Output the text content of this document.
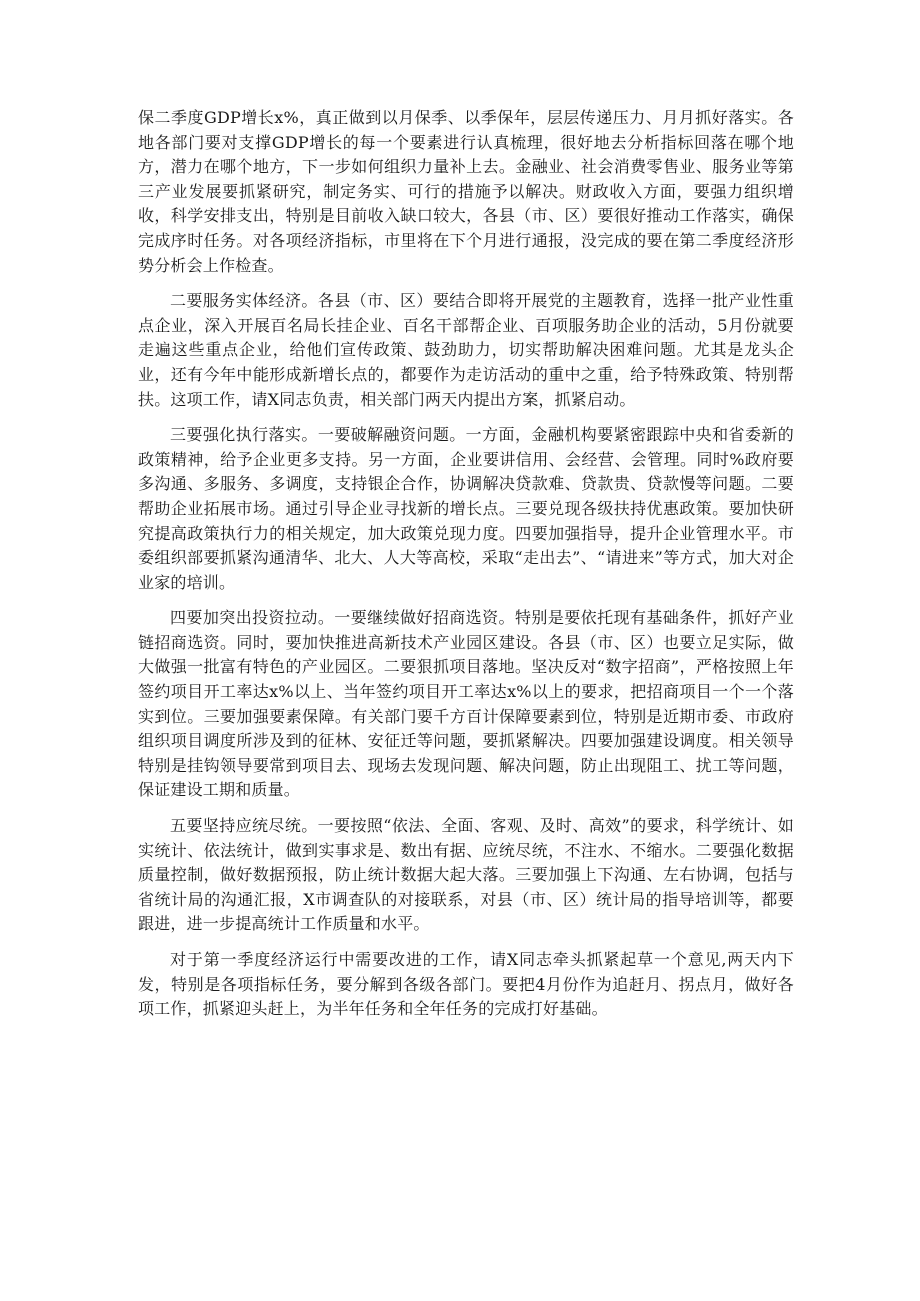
保二季度GDP增长x%，真正做到以月保季、以季保年，层层传递压力、月月抓好落实。各地各部门要对支撑GDP增长的每一个要素进行认真梳理，很好地去分析指标回落在哪个地方，潜力在哪个地方，下一步如何组织力量补上去。金融业、社会消费零售业、服务业等第三产业发展要抓紧研究，制定务实、可行的措施予以解决。财政收入方面，要强力组织增收，科学安排支出，特别是目前收入缺口较大，各县（市、区）要很好推动工作落实，确保完成序时任务。对各项经济指标，市里将在下个月进行通报，没完成的要在第二季度经济形势分析会上作检查。

二要服务实体经济。各县（市、区）要结合即将开展党的主题教育，选择一批产业性重点企业，深入开展百名局长挂企业、百名干部帮企业、百项服务助企业的活动，5月份就要走遍这些重点企业，给他们宣传政策、鼓劲助力，切实帮助解决困难问题。尤其是龙头企业，还有今年中能形成新增长点的，都要作为走访活动的重中之重，给予特殊政策、特别帮扶。这项工作，请X同志负责，相关部门两天内提出方案，抓紧启动。

三要强化执行落实。一要破解融资问题。一方面，金融机构要紧密跟踪中央和省委新的政策精神，给予企业更多支持。另一方面，企业要讲信用、会经营、会管理。同时%政府要多沟通、多服务、多调度，支持银企合作，协调解决贷款难、贷款贵、贷款慢等问题。二要帮助企业拓展市场。通过引导企业寻找新的增长点。三要兑现各级扶持优惠政策。要加快研究提高政策执行力的相关规定，加大政策兑现力度。四要加强指导，提升企业管理水平。市委组织部要抓紧沟通清华、北大、人大等高校，采取“走出去”、“请进来”等方式，加大对企业家的培训。

四要加突出投资拉动。一要继续做好招商选资。特别是要依托现有基础条件，抓好产业链招商选资。同时，要加快推进高新技术产业园区建设。各县（市、区）也要立足实际，做大做强一批富有特色的产业园区。二要狠抓项目落地。坚决反对“数字招商”，严格按照上年签约项目开工率达x%以上、当年签约项目开工率达x%以上的要求，把招商项目一个一个落实到位。三要加强要素保障。有关部门要千方百计保障要素到位，特别是近期市委、市政府组织项目调度所涉及到的征林、安征迁等问题，要抓紧解决。四要加强建设调度。相关领导特别是挂钩领导要常到项目去、现场去发现问题、解决问题，防止出现阻工、扰工等问题，保证建设工期和质量。

五要坚持应统尽统。一要按照“依法、全面、客观、及时、高效”的要求，科学统计、如实统计、依法统计，做到实事求是、数出有据、应统尽统，不注水、不缩水。二要强化数据质量控制，做好数据预报，防止统计数据大起大落。三要加强上下沟通、左右协调，包括与省统计局的沟通汇报，X市调查队的对接联系，对县（市、区）统计局的指导培训等，都要跟进，进一步提高统计工作质量和水平。

对于第一季度经济运行中需要改进的工作，请X同志牵头抓紧起草一个意见,两天内下发，特别是各项指标任务，要分解到各级各部门。要把4月份作为追赶月、拐点月，做好各项工作，抓紧迎头赶上，为半年任务和全年任务的完成打好基础。
